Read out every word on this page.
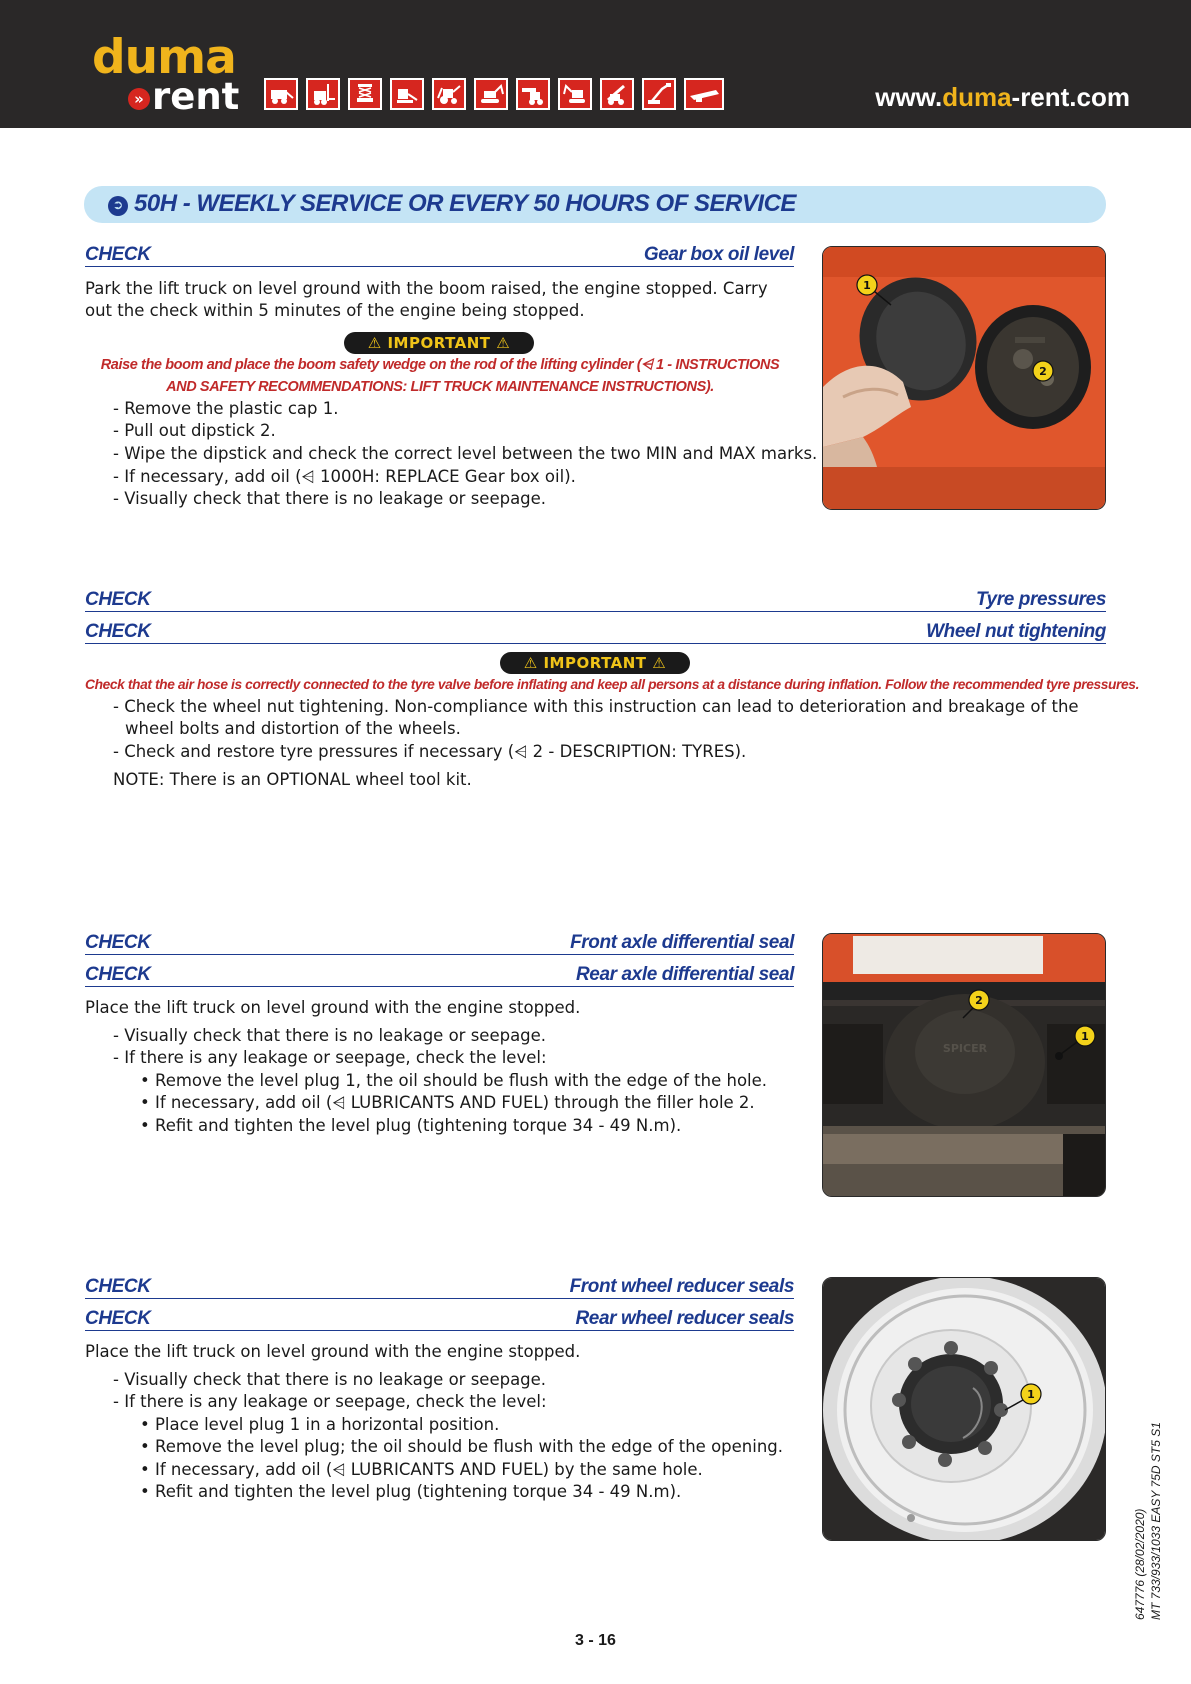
duma
» rent	www.duma-rent.com
➲ 50H - WEEKLY SERVICE OR EVERY 50 HOURS OF SERVICE
CHECK	Gear box oil level
Park the lift truck on level ground with the boom raised, the engine stopped. Carry out the check within 5 minutes of the engine being stopped.
⚠ IMPORTANT ⚠
Raise the boom and place the boom safety wedge on the rod of the lifting cylinder (⩤ 1 - INSTRUCTIONS AND SAFETY RECOMMENDATIONS: LIFT TRUCK MAINTENANCE INSTRUCTIONS).
- Remove the plastic cap 1.
- Pull out dipstick 2.
- Wipe the dipstick and check the correct level between the two MIN and MAX marks.
- If necessary, add oil (⩤ 1000H: REPLACE Gear box oil).
- Visually check that there is no leakage or seepage.
1
2
CHECK	Tyre pressures
CHECK	Wheel nut tightening
⚠ IMPORTANT ⚠
Check that the air hose is correctly connected to the tyre valve before inflating and keep all persons at a distance during inflation. Follow the recommended tyre pressures.
- Check the wheel nut tightening. Non-compliance with this instruction can lead to deterioration and breakage of the wheel bolts and distortion of the wheels.
- Check and restore tyre pressures if necessary (⩤ 2 - DESCRIPTION: TYRES).
NOTE: There is an OPTIONAL wheel tool kit.
CHECK	Front axle differential seal
CHECK	Rear axle differential seal
Place the lift truck on level ground with the engine stopped.
- Visually check that there is no leakage or seepage.
- If there is any leakage or seepage, check the level:
• Remove the level plug 1, the oil should be flush with the edge of the hole.
• If necessary, add oil (⩤ LUBRICANTS AND FUEL) through the filler hole 2.
• Refit and tighten the level plug (tightening torque 34 - 49 N.m).
SPICER
2
1
CHECK	Front wheel reducer seals
CHECK	Rear wheel reducer seals
Place the lift truck on level ground with the engine stopped.
- Visually check that there is no leakage or seepage.
- If there is any leakage or seepage, check the level:
• Place level plug 1 in a horizontal position.
• Remove the level plug; the oil should be flush with the edge of the opening.
• If necessary, add oil (⩤ LUBRICANTS AND FUEL) by the same hole.
• Refit and tighten the level plug (tightening torque 34 - 49 N.m).
1
647776 (28/02/2020) MT 733/933/1033 EASY 75D ST5 S1
3 - 16
